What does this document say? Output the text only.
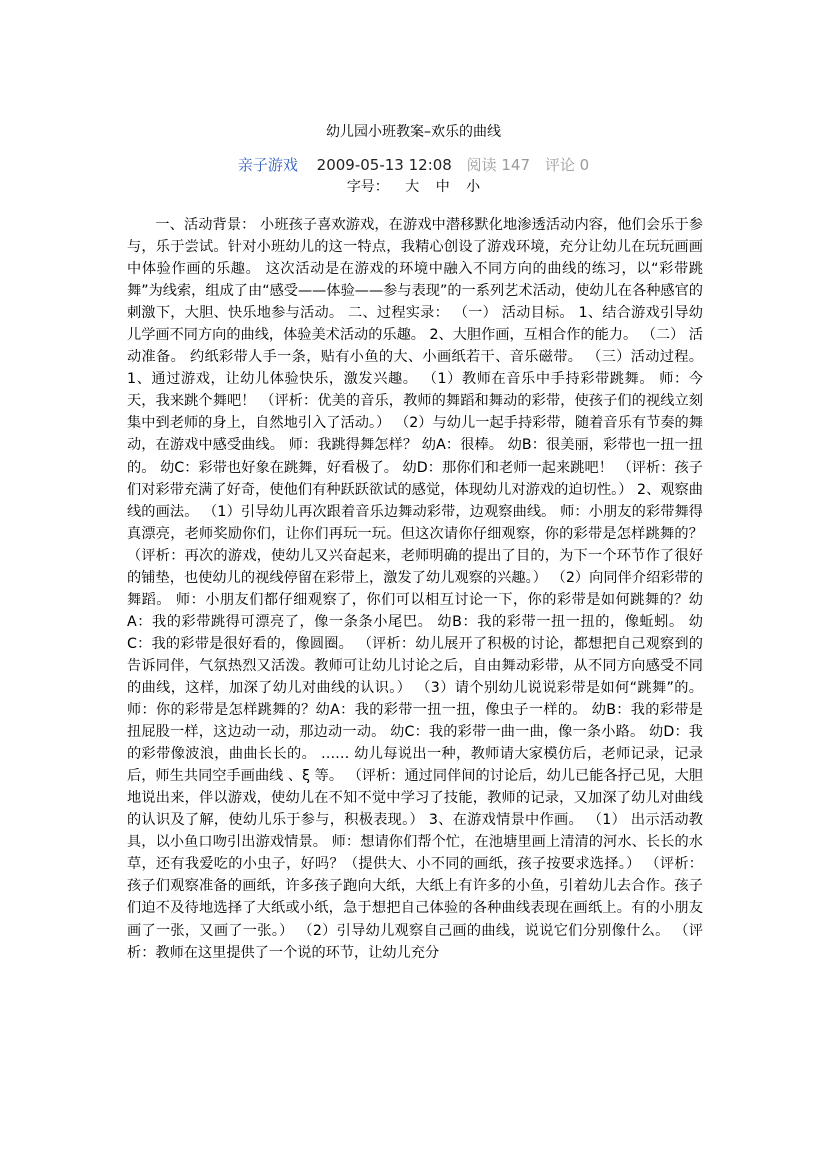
幼儿园小班教案–欢乐的曲线
亲子游戏 2009-05-13 12:08 阅读 147 评论 0
字号： 大 中 小

一、活动背景： 小班孩子喜欢游戏，在游戏中潜移默化地渗透活动内容，他们会乐于参与，乐于尝试。针对小班幼儿的这一特点，我精心创设了游戏环境，充分让幼儿在玩玩画画中体验作画的乐趣。 这次活动是在游戏的环境中融入不同方向的曲线的练习，以“彩带跳舞”为线索，组成了由“感受——体验——参与表现”的一系列艺术活动，使幼儿在各种感官的刺激下，大胆、快乐地参与活动。 二、过程实录： （一） 活动目标。 1、结合游戏引导幼儿学画不同方向的曲线，体验美术活动的乐趣。 2、大胆作画，互相合作的能力。 （二） 活动准备。 约纸彩带人手一条，贴有小鱼的大、小画纸若干、音乐磁带。 （三）活动过程。 1、通过游戏，让幼儿体验快乐，激发兴趣。 （1）教师在音乐中手持彩带跳舞。 师：今天，我来跳个舞吧！ （评析：优美的音乐，教师的舞蹈和舞动的彩带，使孩子们的视线立刻集中到老师的身上，自然地引入了活动。） （2）与幼儿一起手持彩带，随着音乐有节奏的舞动，在游戏中感受曲线。 师：我跳得舞怎样？ 幼A：很棒。 幼B：很美丽，彩带也一扭一扭的。 幼C：彩带也好象在跳舞，好看极了。 幼D：那你们和老师一起来跳吧！ （评析：孩子们对彩带充满了好奇，使他们有种跃跃欲试的感觉，体现幼儿对游戏的迫切性。） 2、观察曲线的画法。 （1）引导幼儿再次跟着音乐边舞动彩带，边观察曲线。 师：小朋友的彩带舞得真漂亮，老师奖励你们，让你们再玩一玩。但这次请你仔细观察，你的彩带是怎样跳舞的？ （评析：再次的游戏，使幼儿又兴奋起来，老师明确的提出了目的，为下一个环节作了很好的铺垫，也使幼儿的视线停留在彩带上，激发了幼儿观察的兴趣。） （2）向同伴介绍彩带的舞蹈。 师：小朋友们都仔细观察了，你们可以相互讨论一下，你的彩带是如何跳舞的？幼A：我的彩带跳得可漂亮了，像一条条小尾巴。 幼B：我的彩带一扭一扭的，像蚯蚓。 幼C：我的彩带是很好看的，像圆圈。 （评析：幼儿展开了积极的讨论，都想把自己观察到的告诉同伴，气氛热烈又活泼。教师可让幼儿讨论之后，自由舞动彩带，从不同方向感受不同的曲线，这样，加深了幼儿对曲线的认识。） （3）请个别幼儿说说彩带是如何“跳舞”的。 师：你的彩带是怎样跳舞的？幼A：我的彩带一扭一扭，像虫子一样的。 幼B：我的彩带是扭屁股一样，这边动一动，那边动一动。 幼C：我的彩带一曲一曲，像一条小路。 幼D：我的彩带像波浪，曲曲长长的。 …… 幼儿每说出一种，教师请大家模仿后，老师记录，记录后，师生共同空手画曲线 、ξ 等。 （评析：通过同伴间的讨论后，幼儿已能各抒己见，大胆地说出来，伴以游戏，使幼儿在不知不觉中学习了技能，教师的记录，又加深了幼儿对曲线的认识及了解，使幼儿乐于参与，积极表现。） 3、在游戏情景中作画。 （1） 出示活动教具，以小鱼口吻引出游戏情景。 师：想请你们帮个忙，在池塘里画上清清的河水、长长的水草，还有我爱吃的小虫子，好吗？（提供大、小不同的画纸，孩子按要求选择。） （评析：孩子们观察准备的画纸，许多孩子跑向大纸，大纸上有许多的小鱼，引着幼儿去合作。孩子们迫不及待地选择了大纸或小纸，急于想把自己体验的各种曲线表现在画纸上。有的小朋友画了一张，又画了一张。） （2）引导幼儿观察自己画的曲线，说说它们分别像什么。 （评析：教师在这里提供了一个说的环节，让幼儿充分
